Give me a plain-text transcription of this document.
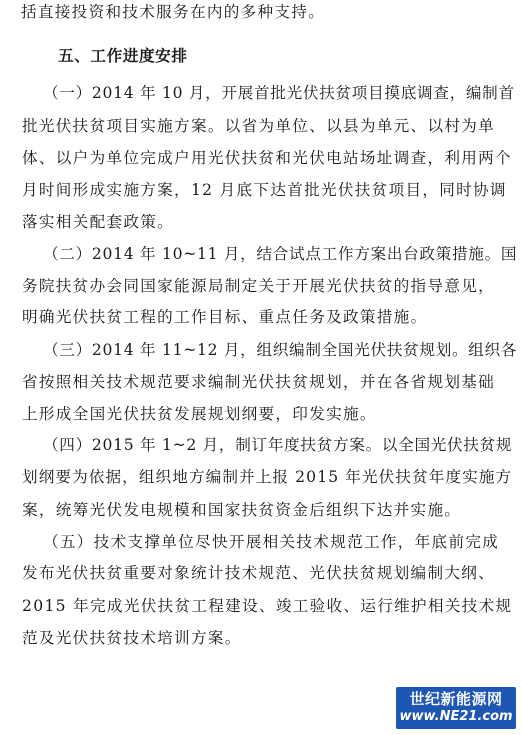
括直接投资和技术服务在内的多种支持。
五、工作进度安排
（一）2014 年 10 月，开展首批光伏扶贫项目摸底调查，编制首
批光伏扶贫项目实施方案。以省为单位、以县为单元、以村为单
体、以户为单位完成户用光伏扶贫和光伏电站场址调查，利用两个
月时间形成实施方案，12 月底下达首批光伏扶贫项目，同时协调
落实相关配套政策。
（二）2014 年 10~11 月，结合试点工作方案出台政策措施。国
务院扶贫办会同国家能源局制定关于开展光伏扶贫的指导意见，
明确光伏扶贫工程的工作目标、重点任务及政策措施。
（三）2014 年 11~12 月，组织编制全国光伏扶贫规划。组织各
省按照相关技术规范要求编制光伏扶贫规划，并在各省规划基础
上形成全国光伏扶贫发展规划纲要，印发实施。
（四）2015 年 1~2 月，制订年度扶贫方案。以全国光伏扶贫规
划纲要为依据，组织地方编制并上报 2015 年光伏扶贫年度实施方
案，统筹光伏发电规模和国家扶贫资金后组织下达并实施。
（五）技术支撑单位尽快开展相关技术规范工作，年底前完成
发布光伏扶贫重要对象统计技术规范、光伏扶贫规划编制大纲、
2015 年完成光伏扶贫工程建设、竣工验收、运行维护相关技术规
范及光伏扶贫技术培训方案。
世纪新能源网
www.NE21.com
